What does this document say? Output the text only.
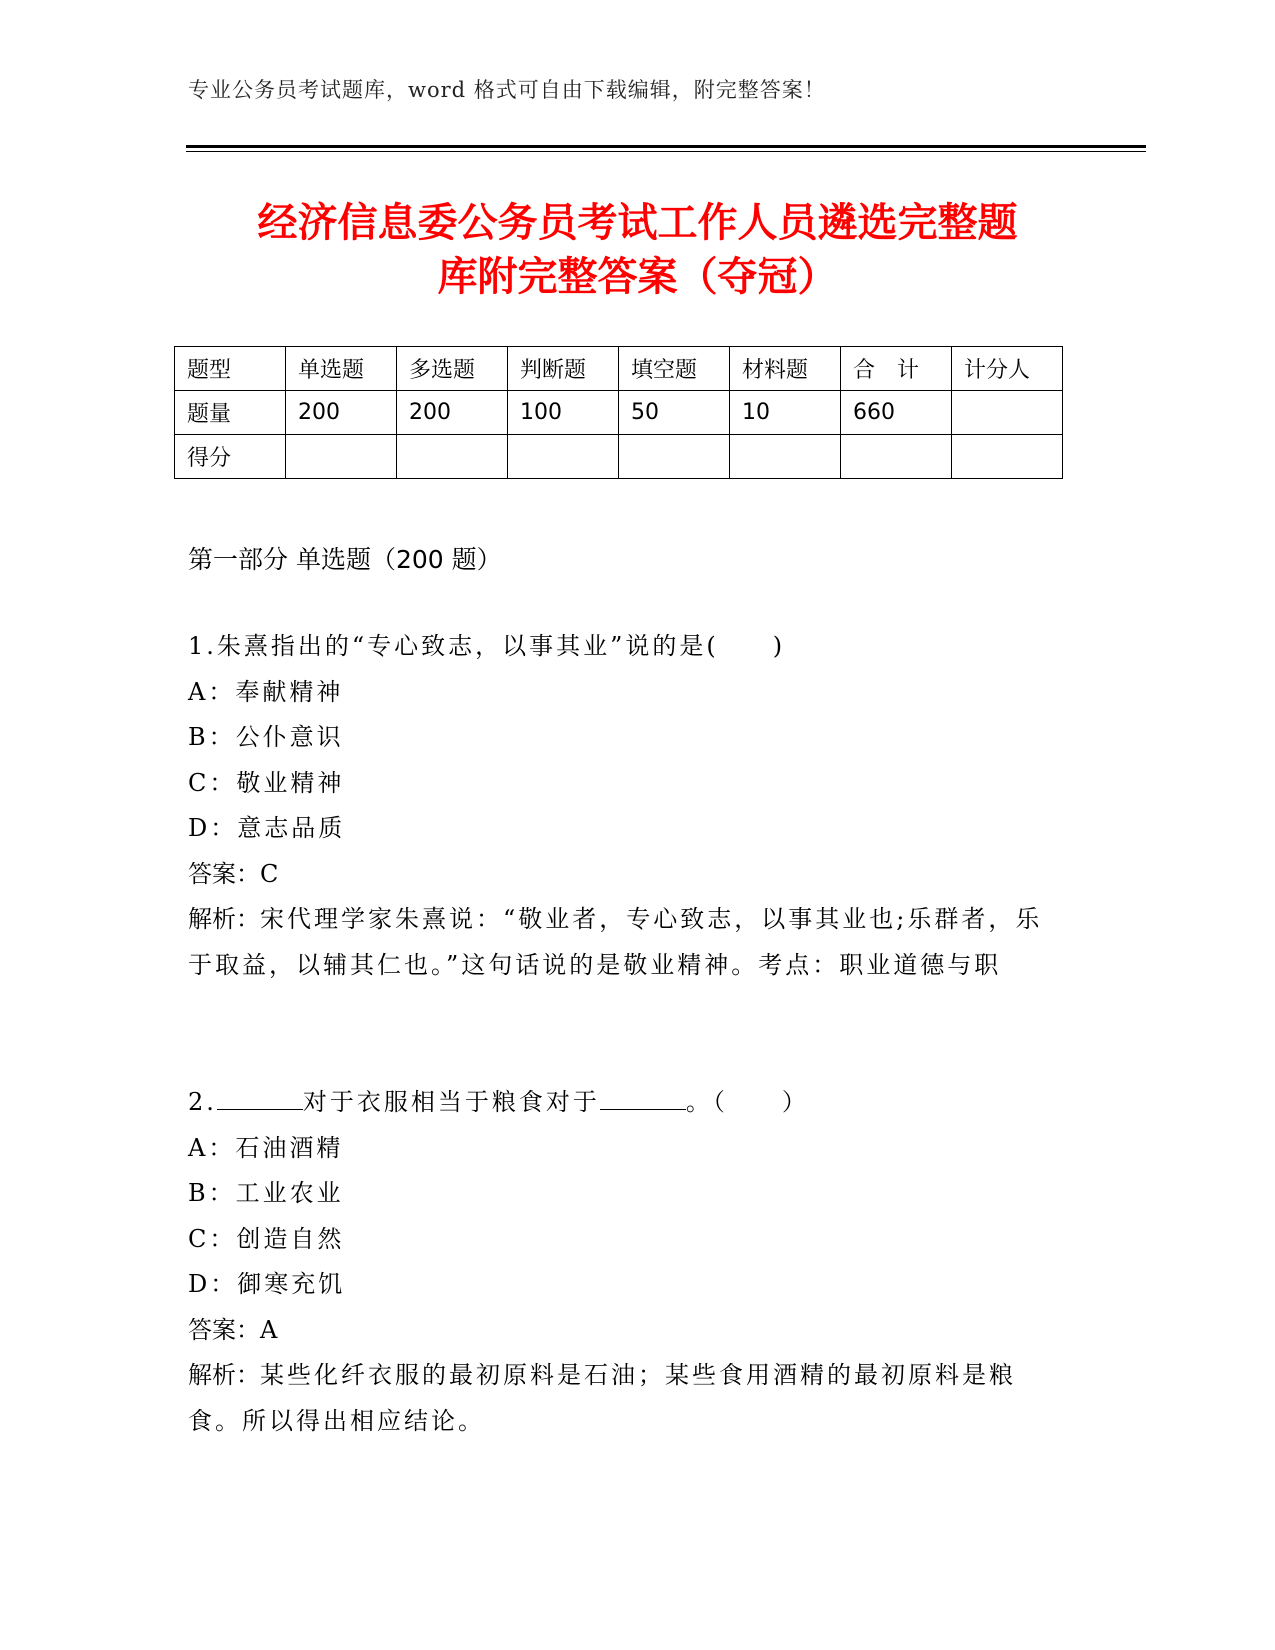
专业公务员考试题库，word 格式可自由下载编辑，附完整答案！
经济信息委公务员考试工作人员遴选完整题
库附完整答案（夺冠）
题型	单选题	多选题	判断题	填空题	材料题	合　计	计分人
题量	200	200	100	50	10	660	
得分							
第一部分 单选题（200 题）
1.朱熹指出的“专心致志，以事其业”说的是(　　)
A：奉献精神
B：公仆意识
C：敬业精神
D：意志品质
答案：C
解析：宋代理学家朱熹说：“敬业者，专心致志，以事其业也;乐群者，乐于取益，以辅其仁也。”这句话说的是敬业精神。考点：职业道德与职
2.	对于衣服相当于粮食对于	。（　　）
A：石油酒精
B：工业农业
C：创造自然
D：御寒充饥
答案：A
解析：某些化纤衣服的最初原料是石油；某些食用酒精的最初原料是粮食。所以得出相应结论。
